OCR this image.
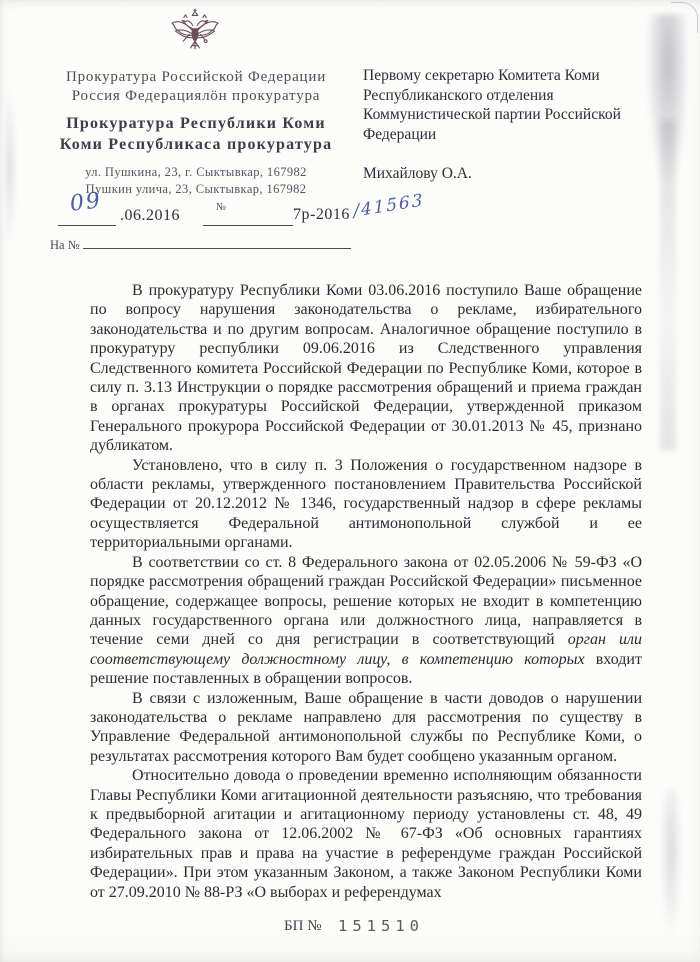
Прокуратура Российской Федерации
Россия Федерациялӧн прокуратура
Прокуратура Республики Коми
Коми Республикаса прокуратура
ул. Пушкина, 23, г. Сыктывкар, 167982
Пушкин улича, 23, Сыктывкар, 167982
09 .06.2016	№	7р-2016 /41563
На №
Первому секретарю Комитета Коми
Республиканского отделения
Коммунистической партии Российской
Федерации
Михайлову О.А.

В прокуратуру Республики Коми 03.06.2016 поступило Ваше обращение по вопросу нарушения законодательства о рекламе, избирательного законодательства и по другим вопросам. Аналогичное обращение поступило в прокуратуру республики 09.06.2016 из Следственного управления Следственного комитета Российской Федерации по Республике Коми, которое в силу п. 3.13 Инструкции о порядке рассмотрения обращений и приема граждан в органах прокуратуры Российской Федерации, утвержденной приказом Генерального прокурора Российской Федерации от 30.01.2013 № 45, признано дубликатом.

Установлено, что в силу п. 3 Положения о государственном надзоре в области рекламы, утвержденного постановлением Правительства Российской Федерации от 20.12.2012 № 1346, государственный надзор в сфере рекламы осуществляется Федеральной антимонопольной службой и ее территориальными органами.

В соответствии со ст. 8 Федерального закона от 02.05.2006 № 59-ФЗ «О порядке рассмотрения обращений граждан Российской Федерации» письменное обращение, содержащее вопросы, решение которых не входит в компетенцию данных государственного органа или должностного лица, направляется в течение семи дней со дня регистрации в соответствующий орган или соответствующему должностному лицу, в компетенцию которых входит решение поставленных в обращении вопросов.

В связи с изложенным, Ваше обращение в части доводов о нарушении законодательства о рекламе направлено для рассмотрения по существу в Управление Федеральной антимонопольной службы по Республике Коми, о результатах рассмотрения которого Вам будет сообщено указанным органом.

Относительно довода о проведении временно исполняющим обязанности Главы Республики Коми агитационной деятельности разъясняю, что требования к предвыборной агитации и агитационному периоду установлены ст. 48, 49 Федерального закона от 12.06.2002 № 67-ФЗ «Об основных гарантиях избирательных прав и права на участие в референдуме граждан Российской Федерации». При этом указанным Законом, а также Законом Республики Коми от 27.09.2010 № 88-РЗ «О выборах и референдумах

БП № 151510
